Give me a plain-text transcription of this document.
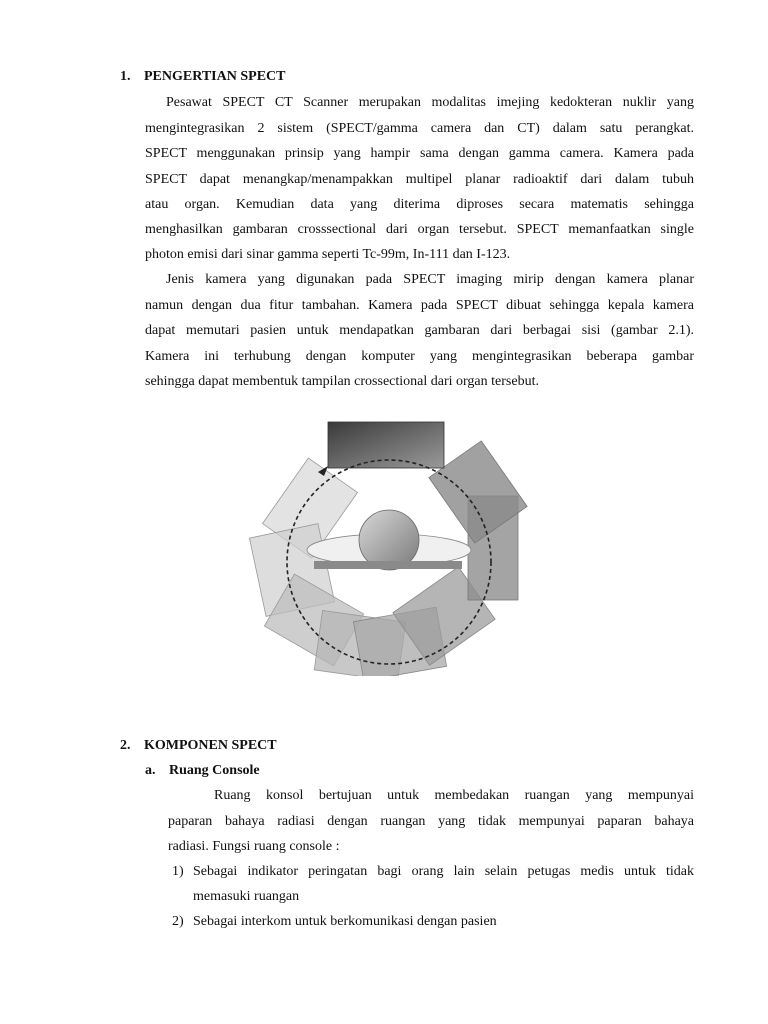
1. PENGERTIAN SPECT
Pesawat SPECT CT Scanner merupakan modalitas imejing kedokteran nuklir yang
mengintegrasikan 2 sistem (SPECT/gamma camera dan CT) dalam satu perangkat.
SPECT menggunakan prinsip yang hampir sama dengan gamma camera. Kamera pada
SPECT dapat menangkap/menampakkan multipel planar radioaktif dari dalam tubuh
atau organ. Kemudian data yang diterima diproses secara matematis sehingga
menghasilkan gambaran crosssectional dari organ tersebut. SPECT memanfaatkan single
photon emisi dari sinar gamma seperti Tc-99m, In-111 dan I-123.
Jenis kamera yang digunakan pada SPECT imaging mirip dengan kamera planar
namun dengan dua fitur tambahan. Kamera pada SPECT dibuat sehingga kepala kamera
dapat memutari pasien untuk mendapatkan gambaran dari berbagai sisi (gambar 2.1).
Kamera ini terhubung dengan komputer yang mengintegrasikan beberapa gambar
sehingga dapat membentuk tampilan crossectional dari organ tersebut.
2. KOMPONEN SPECT
a. Ruang Console
Ruang konsol bertujuan untuk membedakan ruangan yang mempunyai
paparan bahaya radiasi dengan ruangan yang tidak mempunyai paparan bahaya
radiasi. Fungsi ruang console :
1) Sebagai indikator peringatan bagi orang lain selain petugas medis untuk tidak
memasuki ruangan
2) Sebagai interkom untuk berkomunikasi dengan pasien
